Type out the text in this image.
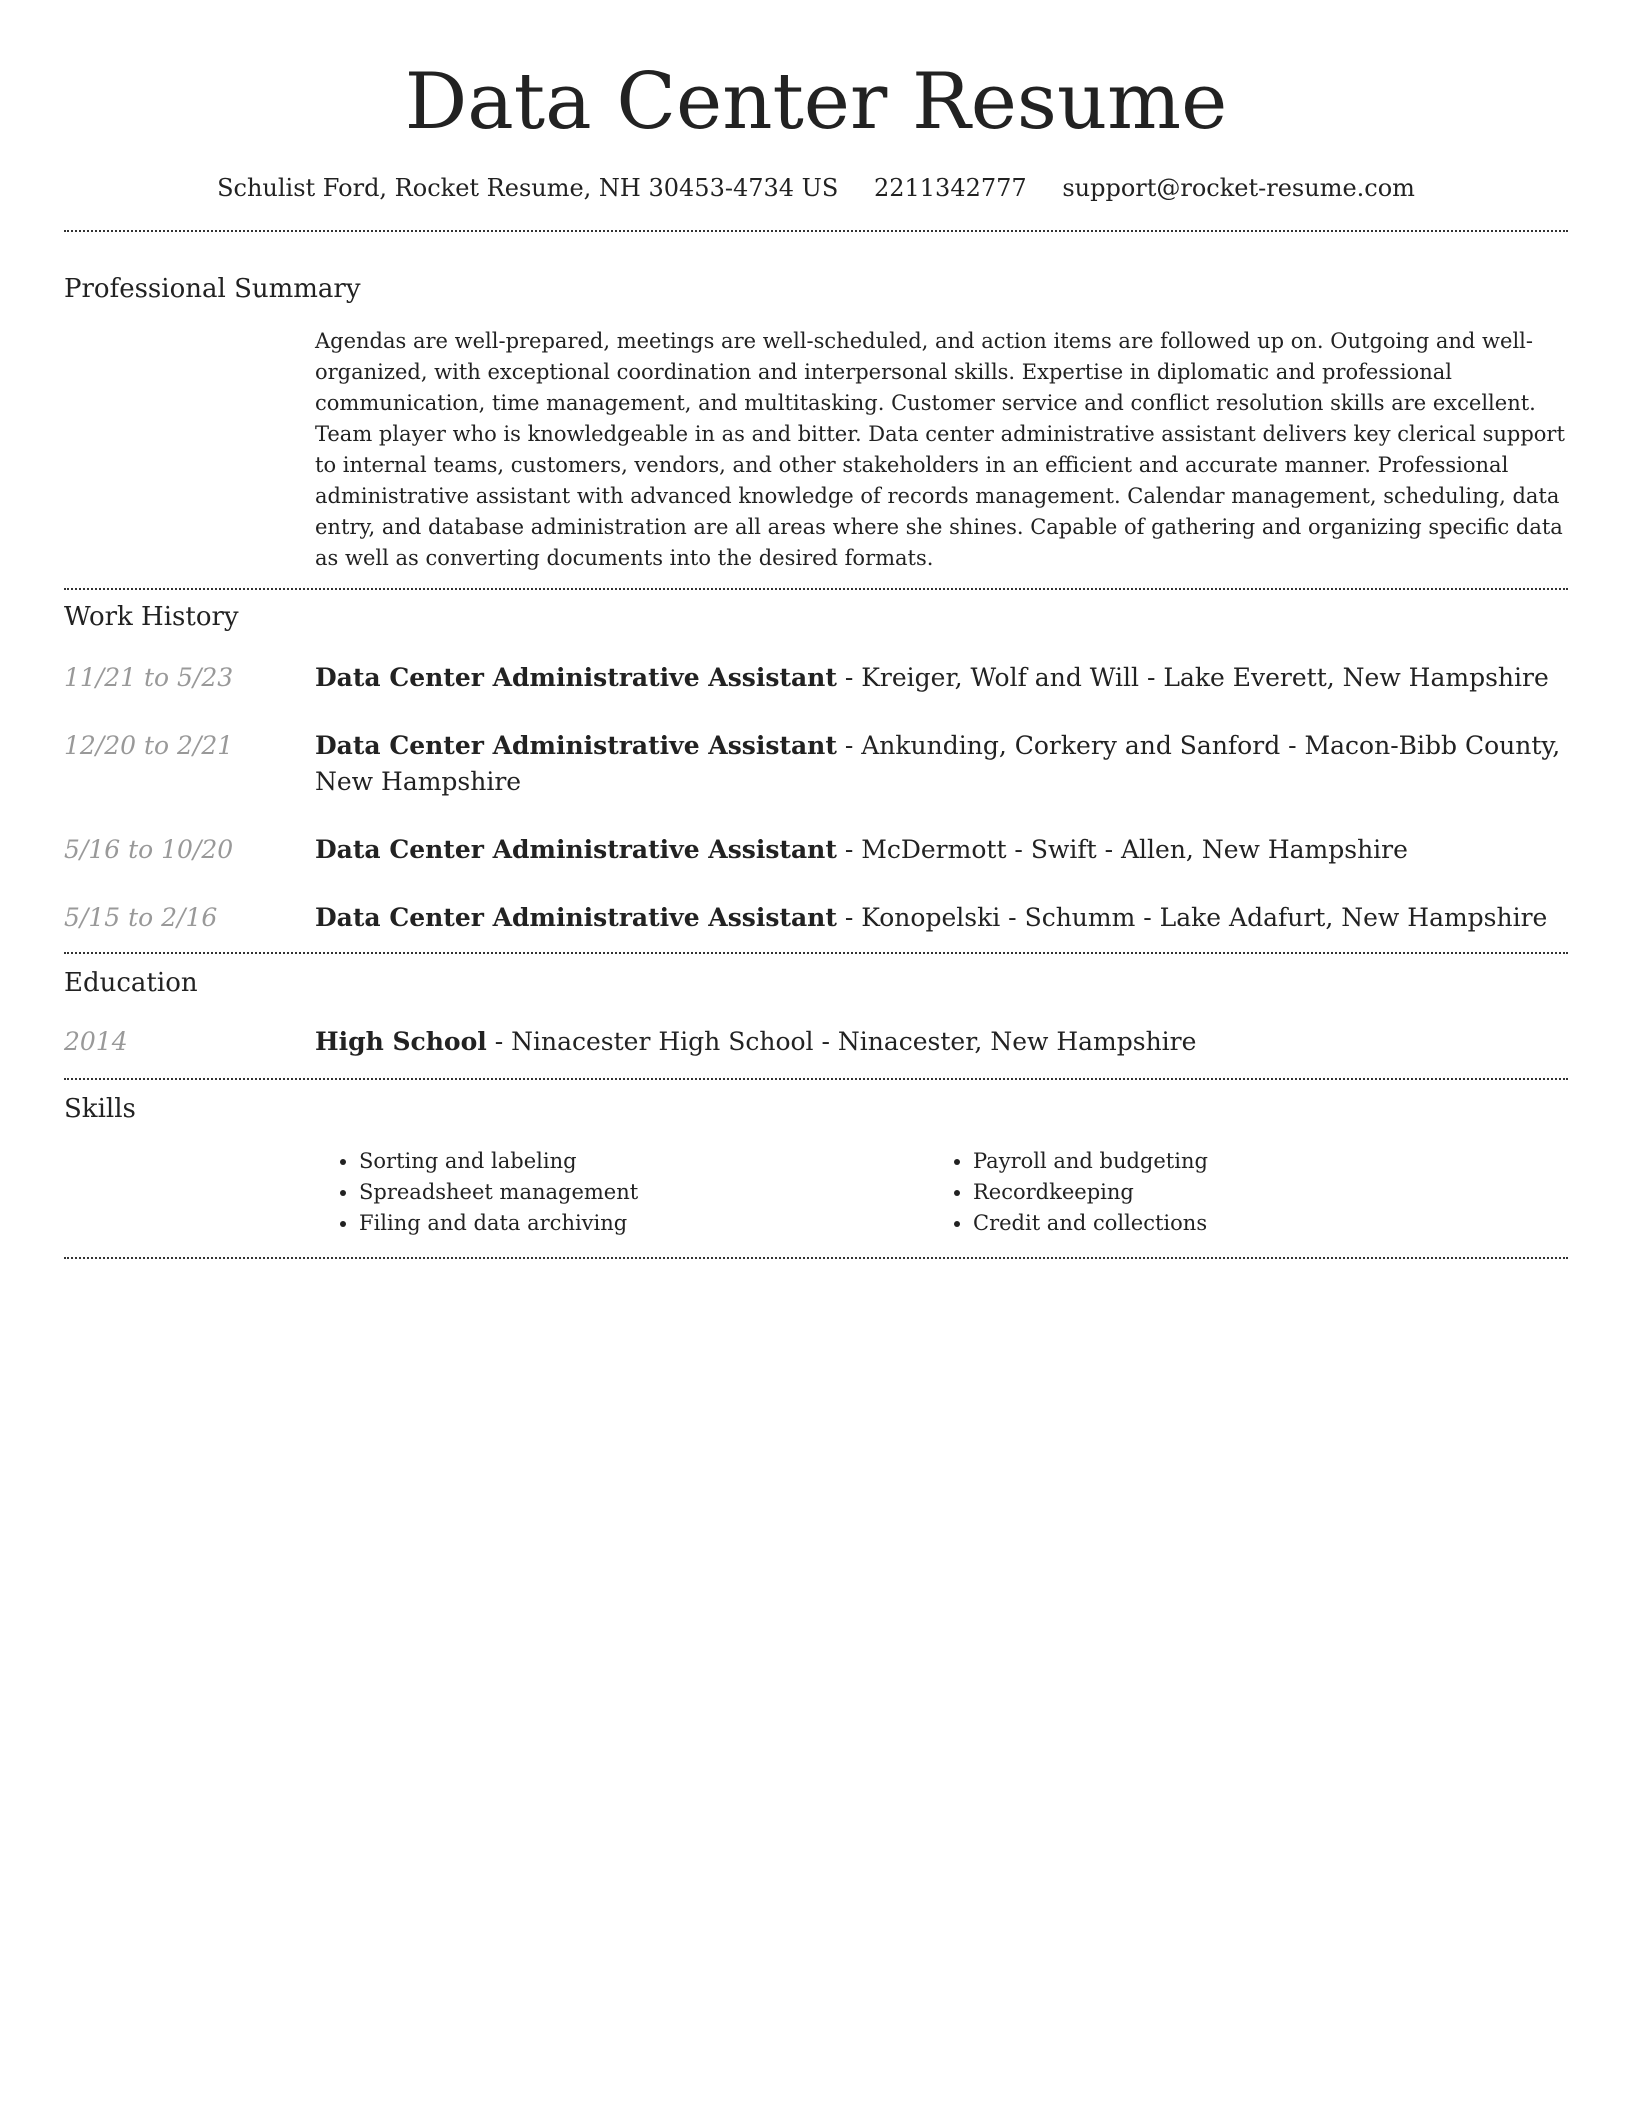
Data Center Resume
Schulist Ford, Rocket Resume, NH 30453-4734 US 2211342777 support@rocket-resume.com
Professional Summary
Agendas are well-prepared, meetings are well-scheduled, and action items are followed up on. Outgoing and well-organized, with exceptional coordination and interpersonal skills. Expertise in diplomatic and professional communication, time management, and multitasking. Customer service and conflict resolution skills are excellent. Team player who is knowledgeable in as and bitter. Data center administrative assistant delivers key clerical support to internal teams, customers, vendors, and other stakeholders in an efficient and accurate manner. Professional administrative assistant with advanced knowledge of records management. Calendar management, scheduling, data entry, and database administration are all areas where she shines. Capable of gathering and organizing specific data as well as converting documents into the desired formats.
Work History
11/21 to 5/23	Data Center Administrative Assistant - Kreiger, Wolf and Will - Lake Everett, New Hampshire
12/20 to 2/21	Data Center Administrative Assistant - Ankunding, Corkery and Sanford - Macon-Bibb County, New Hampshire
5/16 to 10/20	Data Center Administrative Assistant - McDermott - Swift - Allen, New Hampshire
5/15 to 2/16	Data Center Administrative Assistant - Konopelski - Schumm - Lake Adafurt, New Hampshire
Education
2014	High School - Ninacester High School - Ninacester, New Hampshire
Skills
• Sorting and labeling
• Spreadsheet management
• Filing and data archiving
• Payroll and budgeting
• Recordkeeping
• Credit and collections
